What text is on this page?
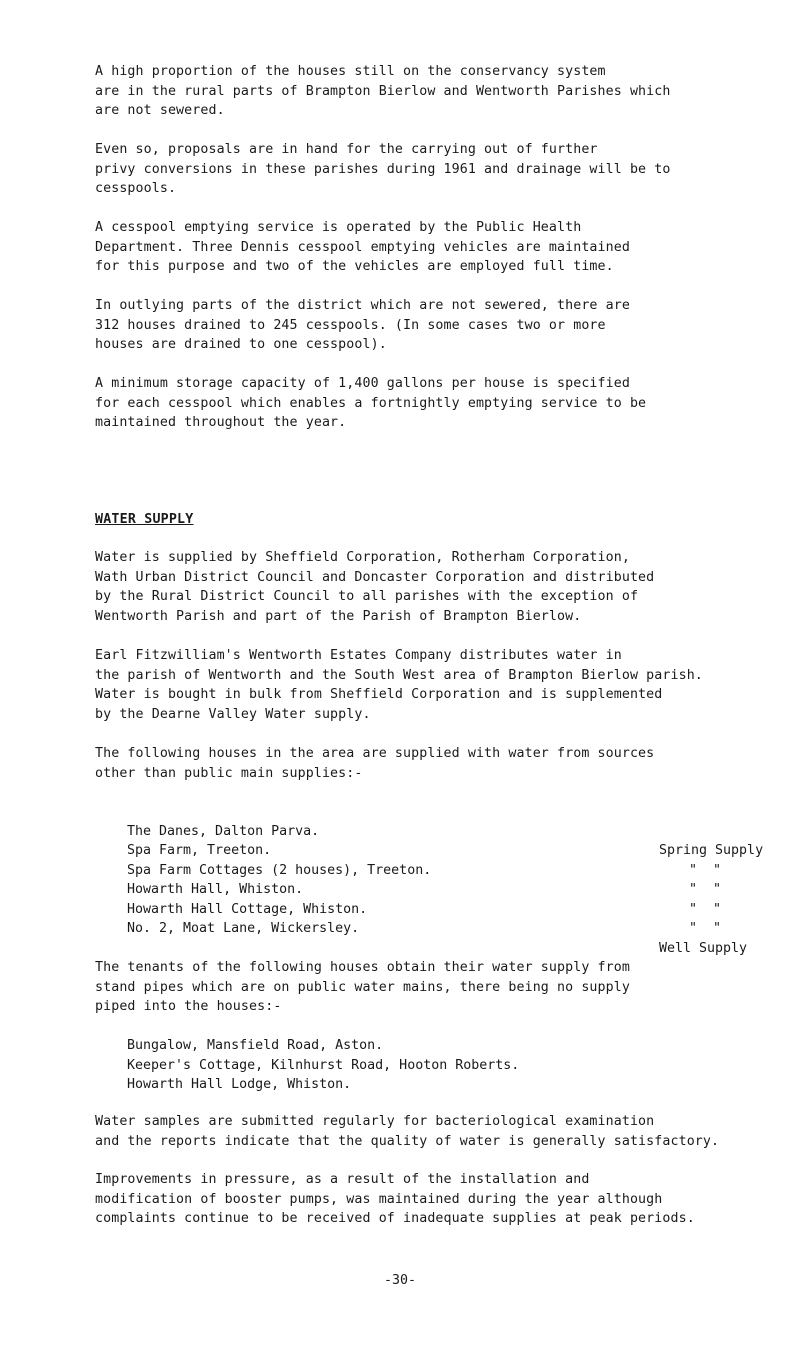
A high proportion of the houses still on the conservancy system
are in the rural parts of Brampton Bierlow and Wentworth Parishes which
are not sewered.

Even so, proposals are in hand for the carrying out of further
privy conversions in these parishes during 1961 and drainage will be to
cesspools.

A cesspool emptying service is operated by the Public Health
Department. Three Dennis cesspool emptying vehicles are maintained
for this purpose and two of the vehicles are employed full time.

In outlying parts of the district which are not sewered, there are
312 houses drained to 245 cesspools. (In some cases two or more
houses are drained to one cesspool).

A minimum storage capacity of 1,400 gallons per house is specified
for each cesspool which enables a fortnightly emptying service to be
maintained throughout the year.

WATER SUPPLY

Water is supplied by Sheffield Corporation, Rotherham Corporation,
Wath Urban District Council and Doncaster Corporation and distributed
by the Rural District Council to all parishes with the exception of
Wentworth Parish and part of the Parish of Brampton Bierlow.

Earl Fitzwilliam's Wentworth Estates Company distributes water in
the parish of Wentworth and the South West area of Brampton Bierlow parish.
Water is bought in bulk from Sheffield Corporation and is supplemented
by the Dearne Valley Water supply.

The following houses in the area are supplied with water from sources
other than public main supplies:-

The Danes, Dalton Parva.

Spring Supply

Spa Farm, Treeton.

"  "

Spa Farm Cottages (2 houses), Treeton.

"  "

Howarth Hall, Whiston.

"  "

Howarth Hall Cottage, Whiston.

"  "

No. 2, Moat Lane, Wickersley.

Well Supply

The tenants of the following houses obtain their water supply from
stand pipes which are on public water mains, there being no supply
piped into the houses:-

Bungalow, Mansfield Road, Aston.
Keeper's Cottage, Kilnhurst Road, Hooton Roberts.
Howarth Hall Lodge, Whiston.

Water samples are submitted regularly for bacteriological examination
and the reports indicate that the quality of water is generally satisfactory.

Improvements in pressure, as a result of the installation and
modification of booster pumps, was maintained during the year although
complaints continue to be received of inadequate supplies at peak periods.

-30-
